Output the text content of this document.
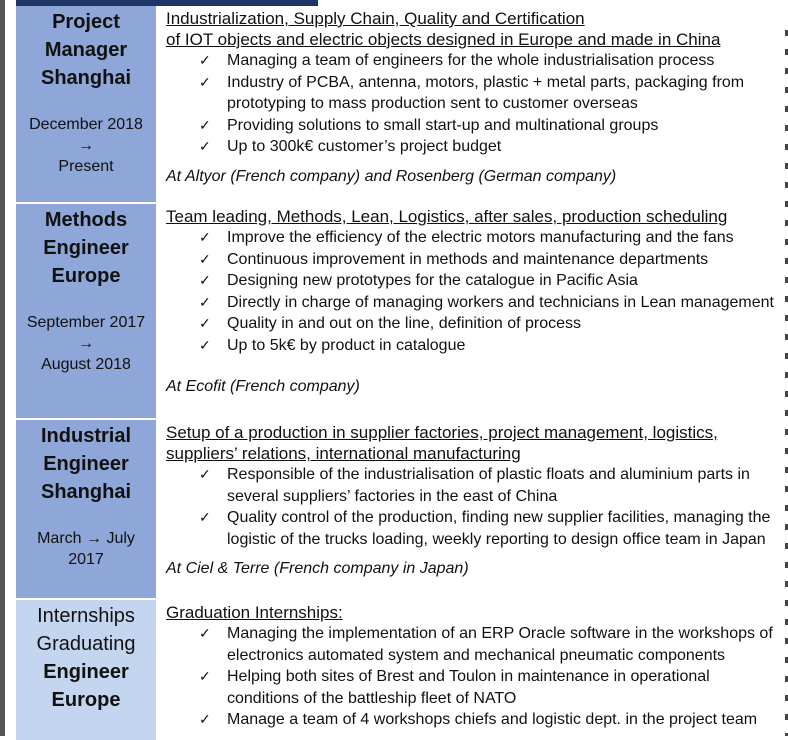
Project
Manager
Shanghai
December 2018
→
Present
Methods
Engineer
Europe
September 2017
→
August 2018
Industrial
Engineer
Shanghai
March → July
2017
Internships
Graduating
Engineer
Europe
Industrialization, Supply Chain, Quality and Certification
of IOT objects and electric objects designed in Europe and made in China
✓ Managing a team of engineers for the whole industrialisation process
✓ Industry of PCBA, antenna, motors, plastic + metal parts, packaging from
prototyping to mass production sent to customer overseas
✓ Providing solutions to small start-up and multinational groups
✓ Up to 300k€ customer’s project budget
At Altyor (French company) and Rosenberg (German company)
Team leading, Methods, Lean, Logistics, after sales, production scheduling
✓ Improve the efficiency of the electric motors manufacturing and the fans
✓ Continuous improvement in methods and maintenance departments
✓ Designing new prototypes for the catalogue in Pacific Asia
✓ Directly in charge of managing workers and technicians in Lean management
✓ Quality in and out on the line, definition of process
✓ Up to 5k€ by product in catalogue
At Ecofit (French company)
Setup of a production in supplier factories, project management, logistics,
suppliers’ relations, international manufacturing
✓ Responsible of the industrialisation of plastic floats and aluminium parts in
several suppliers’ factories in the east of China
✓ Quality control of the production, finding new supplier facilities, managing the
logistic of the trucks loading, weekly reporting to design office team in Japan
At Ciel & Terre (French company in Japan)
Graduation Internships:
✓ Managing the implementation of an ERP Oracle software in the workshops of
electronics automated system and mechanical pneumatic components
✓ Helping both sites of Brest and Toulon in maintenance in operational
conditions of the battleship fleet of NATO
✓ Manage a team of 4 workshops chiefs and logistic dept. in the project team
